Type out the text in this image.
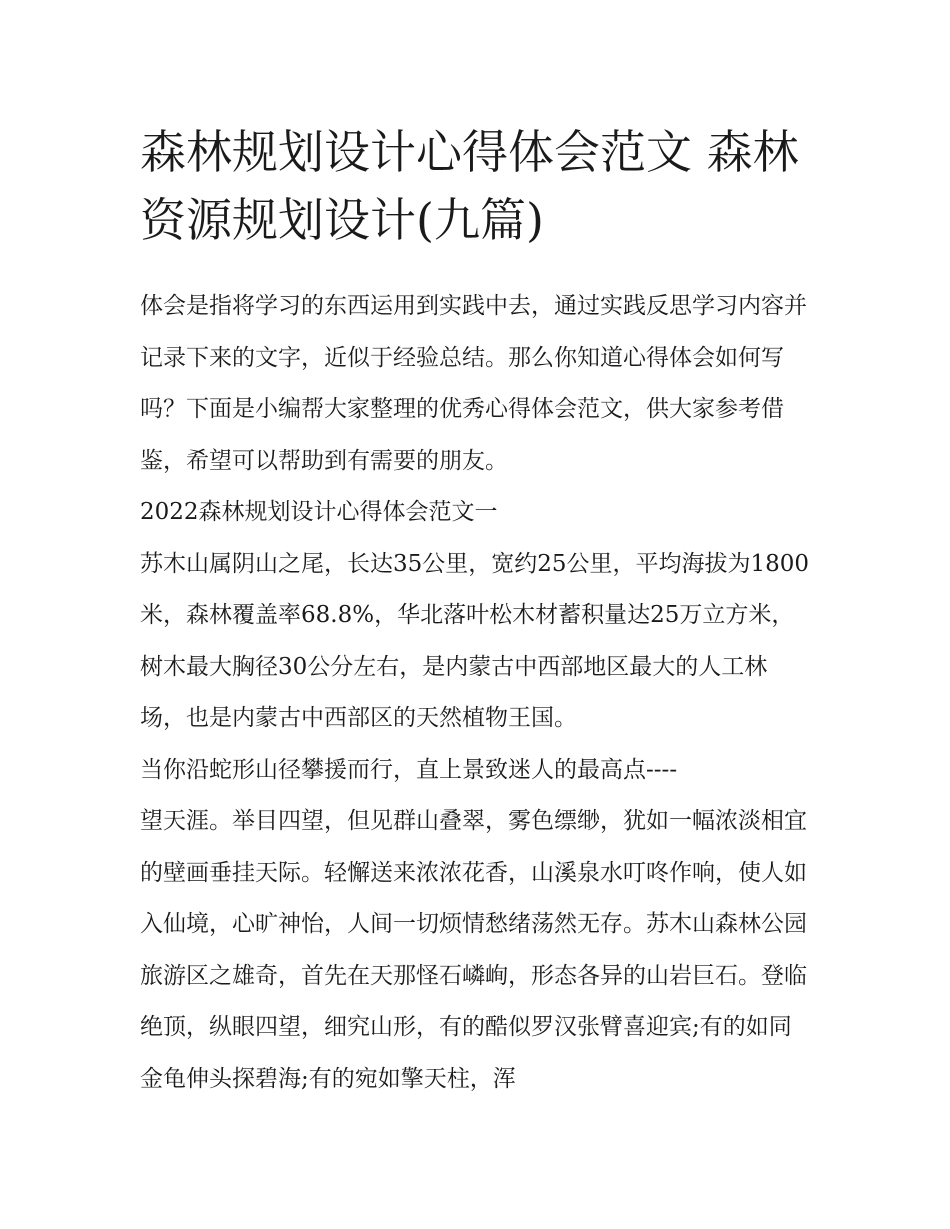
森林规划设计心得体会范文 森林资源规划设计(九篇)

体会是指将学习的东西运用到实践中去，通过实践反思学习内容并记录下来的文字，近似于经验总结。那么你知道心得体会如何写吗？下面是小编帮大家整理的优秀心得体会范文，供大家参考借鉴，希望可以帮助到有需要的朋友。

2022森林规划设计心得体会范文一

苏木山属阴山之尾，长达35公里，宽约25公里，平均海拔为1800米，森林覆盖率68.8%，华北落叶松木材蓄积量达25万立方米，树木最大胸径30公分左右，是内蒙古中西部地区最大的人工林场，也是内蒙古中西部区的天然植物王国。

当你沿蛇形山径攀援而行，直上景致迷人的最高点----

望天涯。举目四望，但见群山叠翠，雾色缥缈，犹如一幅浓淡相宜的壁画垂挂天际。轻懈送来浓浓花香，山溪泉水叮咚作响，使人如入仙境，心旷神怡，人间一切烦情愁绪荡然无存。苏木山森林公园旅游区之雄奇，首先在天那怪石嶙峋，形态各异的山岩巨石。登临绝顶，纵眼四望，细究山形，有的酷似罗汉张臂喜迎宾;有的如同金龟伸头探碧海;有的宛如擎天柱，浑
